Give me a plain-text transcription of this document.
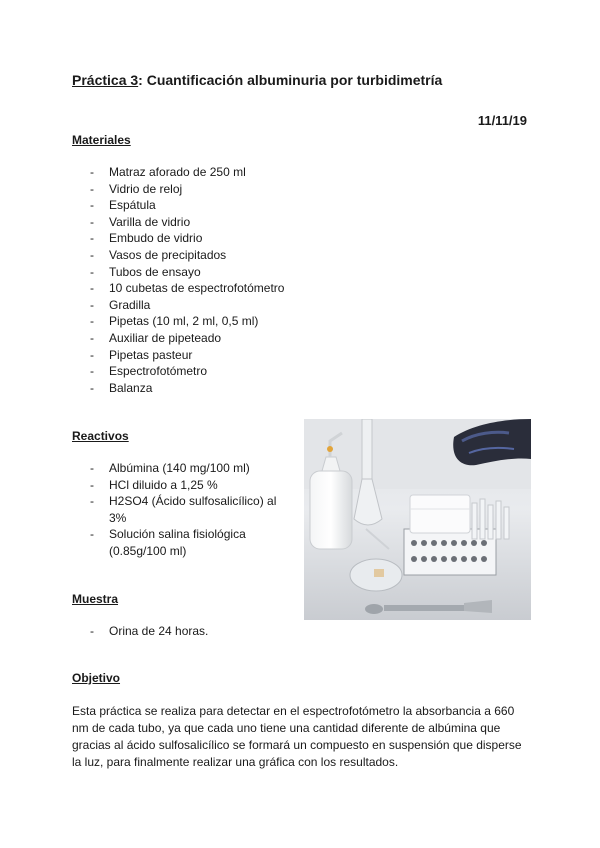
Práctica 3: Cuantificación albuminuria por turbidimetría
11/11/19
Materiales
- Matraz aforado de 250 ml
- Vidrio de reloj
- Espátula
- Varilla de vidrio
- Embudo de vidrio
- Vasos de precipitados
- Tubos de ensayo
- 10 cubetas de espectrofotómetro
- Gradilla
- Pipetas (10 ml, 2 ml, 0,5 ml)
- Auxiliar de pipeteado
- Pipetas pasteur
- Espectrofotómetro
- Balanza
Reactivos
- Albúmina (140 mg/100 ml)
- HCl diluido a 1,25 %
- H2SO4 (Ácido sulfosalicílico) al 3%
- Solución salina fisiológica (0.85g/100 ml)
Muestra
- Orina de 24 horas.
Objetivo
Esta práctica se realiza para detectar en el espectrofotómetro la absorbancia a 660 nm de cada tubo, ya que cada uno tiene una cantidad diferente de albúmina que gracias al ácido sulfosalicílico se formará un compuesto en suspensión que disperse la luz, para finalmente realizar una gráfica con los resultados.
